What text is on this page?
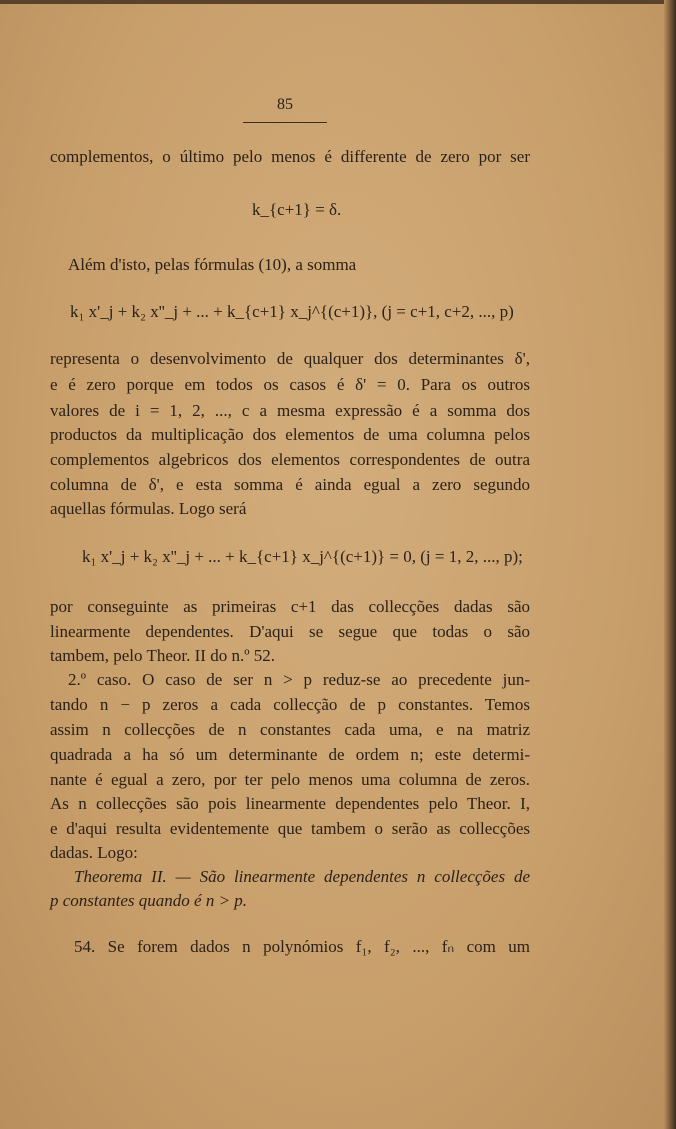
85
complementos, o último pelo menos é differente de zero por ser
k_{c+1} = δ.
Além d'isto, pelas fórmulas (10), a somma
k₁ x'_j + k₂ x''_j + ... + k_{c+1} x_j^{(c+1)}, (j = c+1, c+2, ..., p)
representa o desenvolvimento de qualquer dos determinantes δ',
e é zero porque em todos os casos é δ' = 0. Para os outros
valores de i = 1, 2, ..., c a mesma expressão é a somma dos
productos da multiplicação dos elementos de uma columna pelos
complementos algebricos dos elementos correspondentes de outra
columna de δ', e esta somma é ainda egual a zero segundo
aquellas fórmulas. Logo será
k₁ x'_j + k₂ x''_j + ... + k_{c+1} x_j^{(c+1)} = 0, (j = 1, 2, ..., p);
por conseguinte as primeiras c+1 das collecções dadas são
linearmente dependentes. D'aqui se segue que todas o são
tambem, pelo Theor. II do n.º 52.
2.º caso. O caso de ser n > p reduz-se ao precedente jun-
tando n − p zeros a cada collecção de p constantes. Temos
assim n collecções de n constantes cada uma, e na matriz
quadrada a ha só um determinante de ordem n; este determi-
nante é egual a zero, por ter pelo menos uma columna de zeros.
As n collecções são pois linearmente dependentes pelo Theor. I,
e d'aqui resulta evidentemente que tambem o serão as collecções
dadas. Logo:
Theorema II. — São linearmente dependentes n collecções de
p constantes quando é n > p.
54. Se forem dados n polynómios f₁, f₂, ..., fₙ com um
